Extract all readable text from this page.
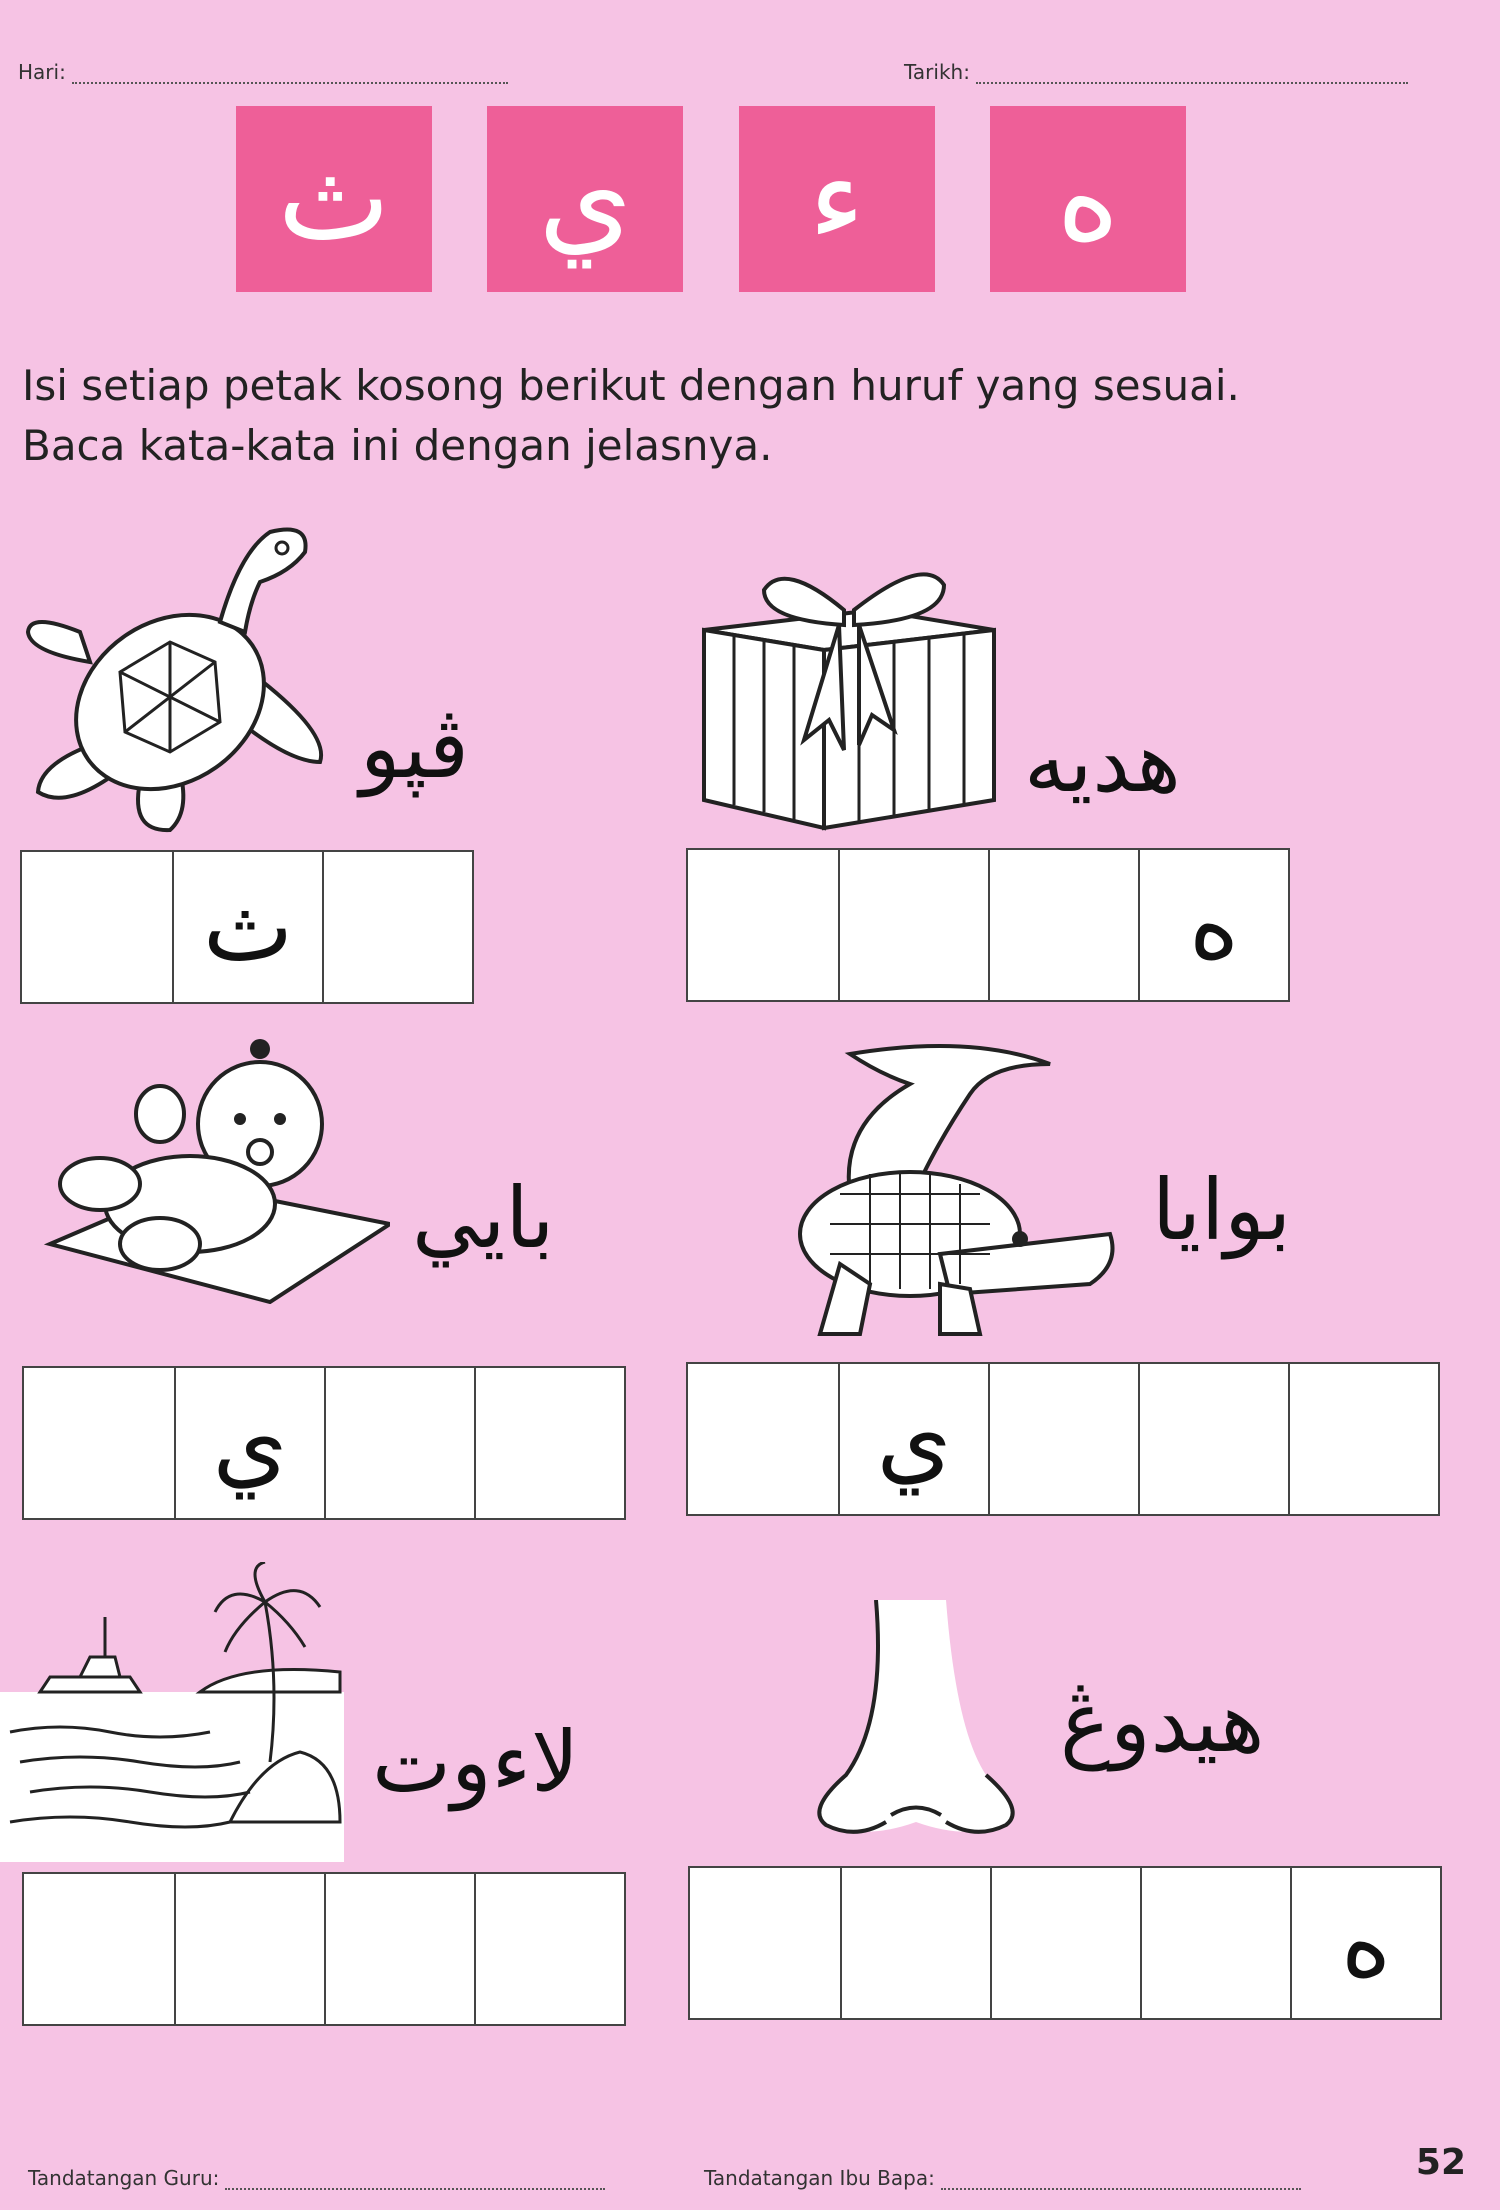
Hari:	Tarikh:
ث	ي	ء	ه
Isi setiap petak kosong berikut dengan huruf yang sesuai.
Baca kata-kata ini dengan jelasnya.
ڤڽو
ث
هديه
ه
بايي
ي
بوايا
ي
لاءوت	هيدوڠ
ه
Tandatangan Guru:	Tandatangan Ibu Bapa:	52
